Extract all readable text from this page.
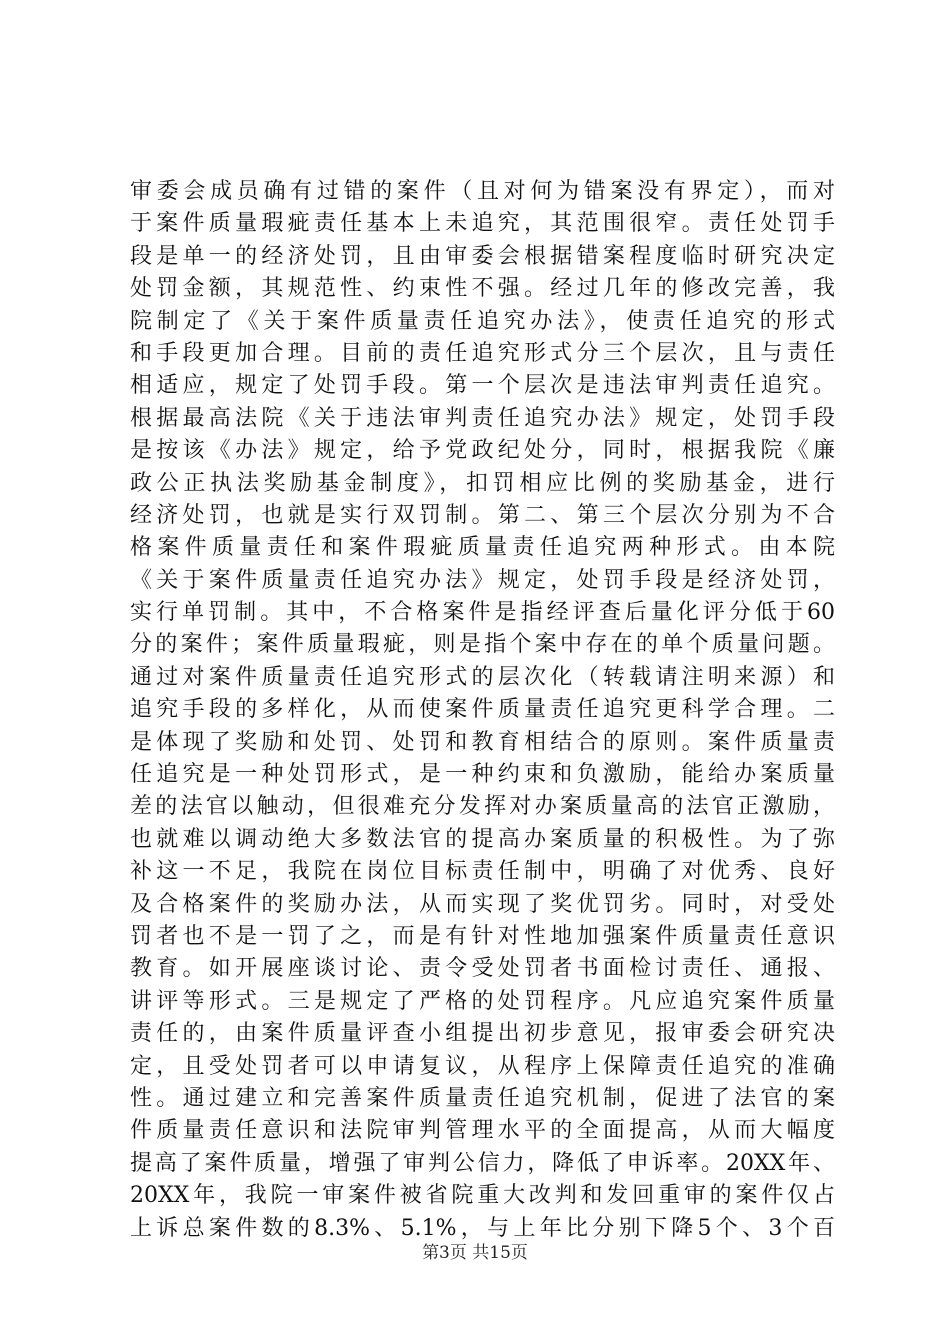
审委会成员确有过错的案件（且对何为错案没有界定），而对
于案件质量瑕疵责任基本上未追究，其范围很窄。责任处罚手
段是单一的经济处罚，且由审委会根据错案程度临时研究决定
处罚金额，其规范性、约束性不强。经过几年的修改完善，我
院制定了《关于案件质量责任追究办法》，使责任追究的形式
和手段更加合理。目前的责任追究形式分三个层次，且与责任
相适应，规定了处罚手段。第一个层次是违法审判责任追究。
根据最高法院《关于违法审判责任追究办法》规定，处罚手段
是按该《办法》规定，给予党政纪处分，同时，根据我院《廉
政公正执法奖励基金制度》，扣罚相应比例的奖励基金，进行
经济处罚，也就是实行双罚制。第二、第三个层次分别为不合
格案件质量责任和案件瑕疵质量责任追究两种形式。由本院
《关于案件质量责任追究办法》规定，处罚手段是经济处罚，
实行单罚制。其中，不合格案件是指经评查后量化评分低于60
分的案件；案件质量瑕疵，则是指个案中存在的单个质量问题。
通过对案件质量责任追究形式的层次化（转载请注明来源）和
追究手段的多样化，从而使案件质量责任追究更科学合理。二
是体现了奖励和处罚、处罚和教育相结合的原则。案件质量责
任追究是一种处罚形式，是一种约束和负激励，能给办案质量
差的法官以触动，但很难充分发挥对办案质量高的法官正激励，
也就难以调动绝大多数法官的提高办案质量的积极性。为了弥
补这一不足，我院在岗位目标责任制中，明确了对优秀、良好
及合格案件的奖励办法，从而实现了奖优罚劣。同时，对受处
罚者也不是一罚了之，而是有针对性地加强案件质量责任意识
教育。如开展座谈讨论、责令受处罚者书面检讨责任、通报、
讲评等形式。三是规定了严格的处罚程序。凡应追究案件质量
责任的，由案件质量评查小组提出初步意见，报审委会研究决
定，且受处罚者可以申请复议，从程序上保障责任追究的准确
性。通过建立和完善案件质量责任追究机制，促进了法官的案
件质量责任意识和法院审判管理水平的全面提高，从而大幅度
提高了案件质量，增强了审判公信力，降低了申诉率。20XX年、
20XX年，我院一审案件被省院重大改判和发回重审的案件仅占
上诉总案件数的8.3%、5.1%，与上年比分别下降5个、3个百
第3页 共15页
